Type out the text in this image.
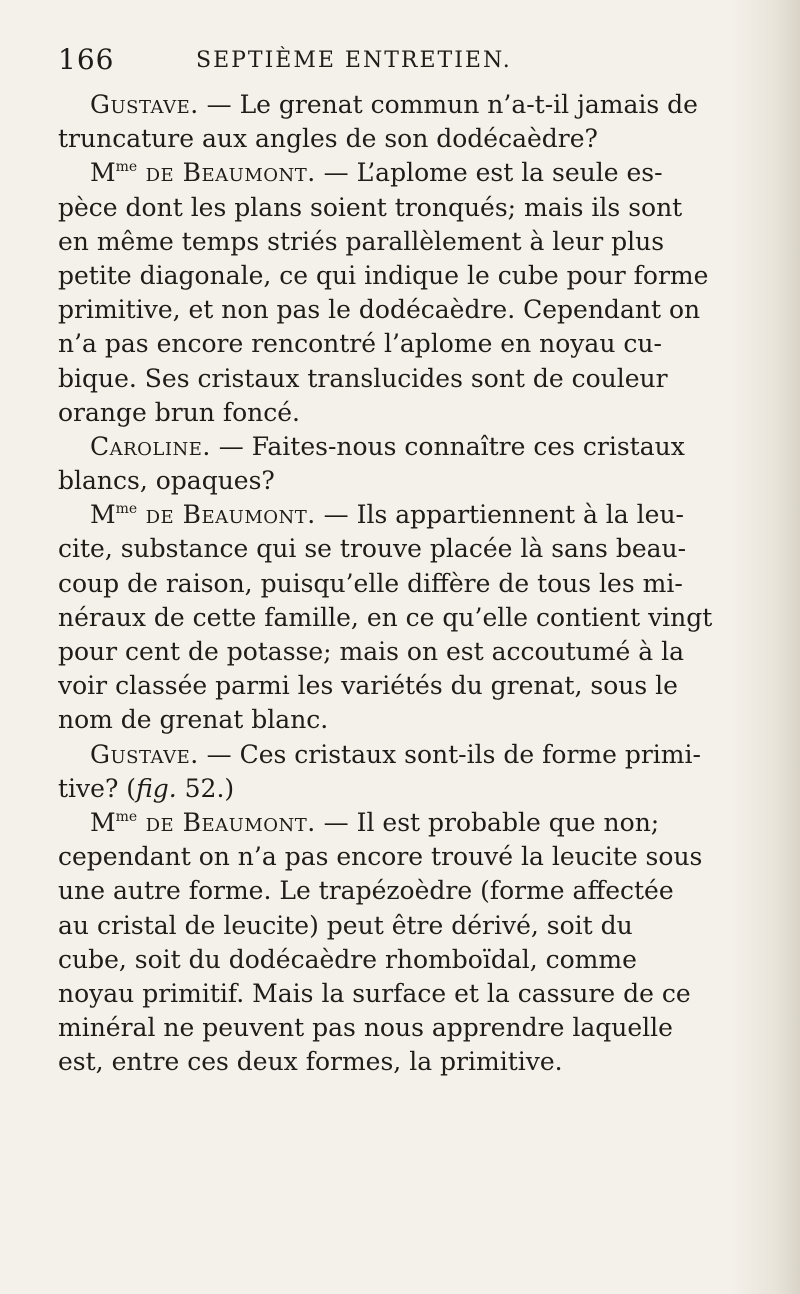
166	SEPTIÈME ENTRETIEN.
Gustave. — Le grenat commun n’a-t-il jamais de
truncature aux angles de son dodécaèdre?
$M^{me}$ de Beaumont. — L’aplome est la seule es-
pèce dont les plans soient tronqués; mais ils sont
en même temps striés parallèlement à leur plus
petite diagonale, ce qui indique le cube pour forme
primitive, et non pas le dodécaèdre. Cependant on
n’a pas encore rencontré l’aplome en noyau cu-
bique. Ses cristaux translucides sont de couleur
orange brun foncé.
Caroline. — Faites-nous connaître ces cristaux
blancs, opaques?
$M^{me}$ de Beaumont. — Ils appartiennent à la leu-
cite, substance qui se trouve placée là sans beau-
coup de raison, puisqu’elle diffère de tous les mi-
néraux de cette famille, en ce qu’elle contient vingt
pour cent de potasse; mais on est accoutumé à la
voir classée parmi les variétés du grenat, sous le
nom de grenat blanc.
Gustave. — Ces cristaux sont-ils de forme primi-
tive? (fig. 52.)
$M^{me}$ de Beaumont. — Il est probable que non;
cependant on n’a pas encore trouvé la leucite sous
une autre forme. Le trapézoèdre (forme affectée
au cristal de leucite) peut être dérivé, soit du
cube, soit du dodécaèdre rhomboïdal, comme
noyau primitif. Mais la surface et la cassure de ce
minéral ne peuvent pas nous apprendre laquelle
est, entre ces deux formes, la primitive.
